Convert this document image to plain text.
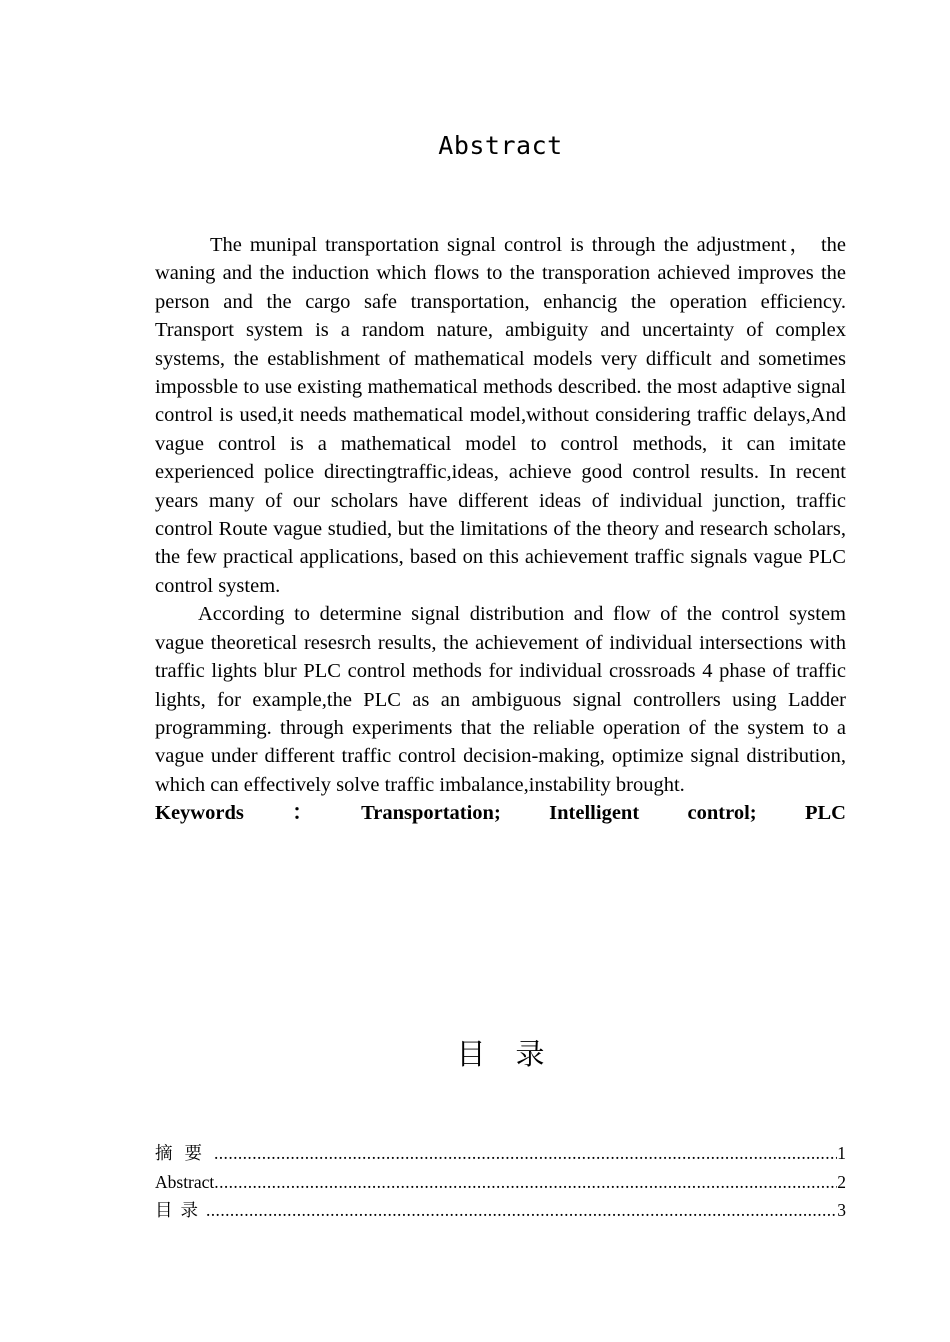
Abstract

The munipal transportation signal control is through the adjustment， the waning and the induction which flows to the transporation achieved improves the person and the cargo safe transportation, enhancig the operation efficiency. Transport system is a random nature, ambiguity and uncertainty of complex systems, the establishment of mathematical models very difficult and sometimes impossble to use existing mathematical methods described. the most adaptive signal control is used,it needs mathematical model,without considering traffic delays,And vague control is a mathematical model to control methods, it can imitate experienced police directingtraffic,ideas, achieve good control results. In recent years many of our scholars have different ideas of individual junction, traffic control Route vague studied, but the limitations of the theory and research scholars, the few practical applications, based on this achievement traffic signals vague PLC control system.

According to determine signal distribution and flow of the control system vague theoretical resesrch results, the achievement of individual intersections with traffic lights blur PLC control methods for individual crossroads 4 phase of traffic lights, for example,the PLC as an ambiguous signal controllers using Ladder programming. through experiments that the reliable operation of the system to a vague under different traffic control decision-making, optimize signal distribution, which can effectively solve traffic imbalance,instability brought.

Keywords ： Transportation; Intelligent control; PLC
目录
摘要 .....	1
Abstract .....	2
目录 .....	3
